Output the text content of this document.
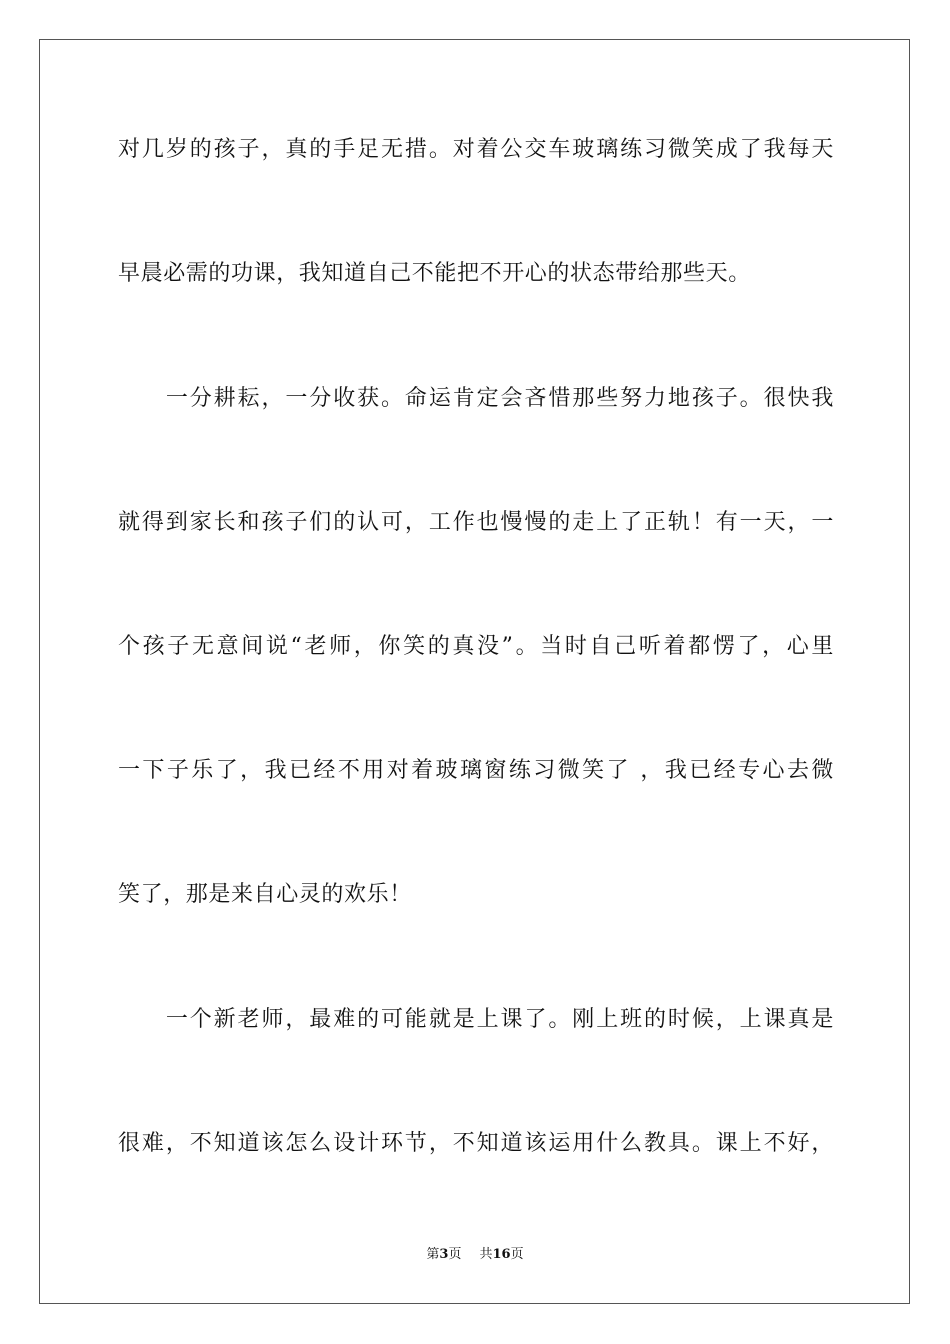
对几岁的孩子，真的手足无措。对着公交车玻璃练习微笑成了我每天
早晨必需的功课，我知道自己不能把不开心的状态带给那些天。
　　一分耕耘，一分收获。命运肯定会吝惜那些努力地孩子。很快我
就得到家长和孩子们的认可，工作也慢慢的走上了正轨！有一天，一
个孩子无意间说“老师，你笑的真没”。当时自己听着都愣了，心里
一下子乐了，我已经不用对着玻璃窗练习微笑了 ，我已经专心去微
笑了，那是来自心灵的欢乐！
　　一个新老师，最难的可能就是上课了。刚上班的时候，上课真是
很难，不知道该怎么设计环节，不知道该运用什么教具。课上不好，
第3页 共16页
